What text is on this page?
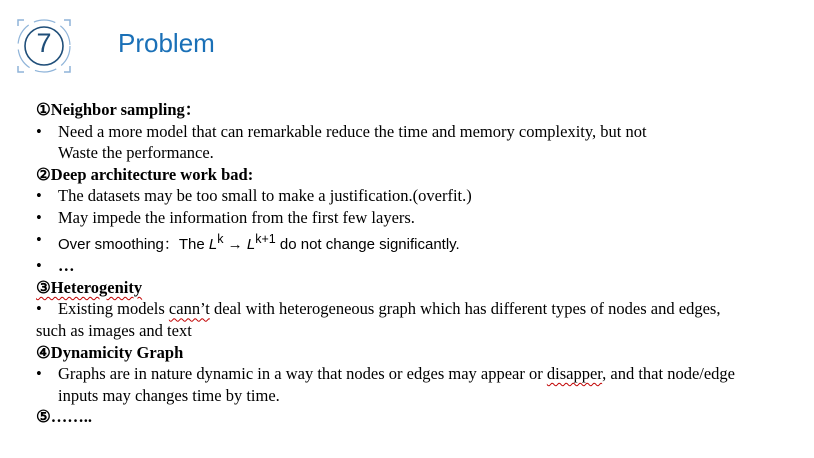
7	Problem
①Neighbor sampling：
• Need a more model that can remarkable reduce the time and memory complexity, but not
Waste the performance.
②Deep architecture work bad:
• The datasets may be too small to make a justification.(overfit.)
• May impede the information from the first few layers.
•	Over smoothing：The $L^k \to L^{k+1}$ do not change significantly.
• …
③Heterogenity
• Existing models cann’t deal with heterogeneous graph which has different types of nodes and edges,
such as images and text
④Dynamicity Graph
• Graphs are in nature dynamic in a way that nodes or edges may appear or disapper, and that node/edge
inputs may changes time by time.
⑤……..
